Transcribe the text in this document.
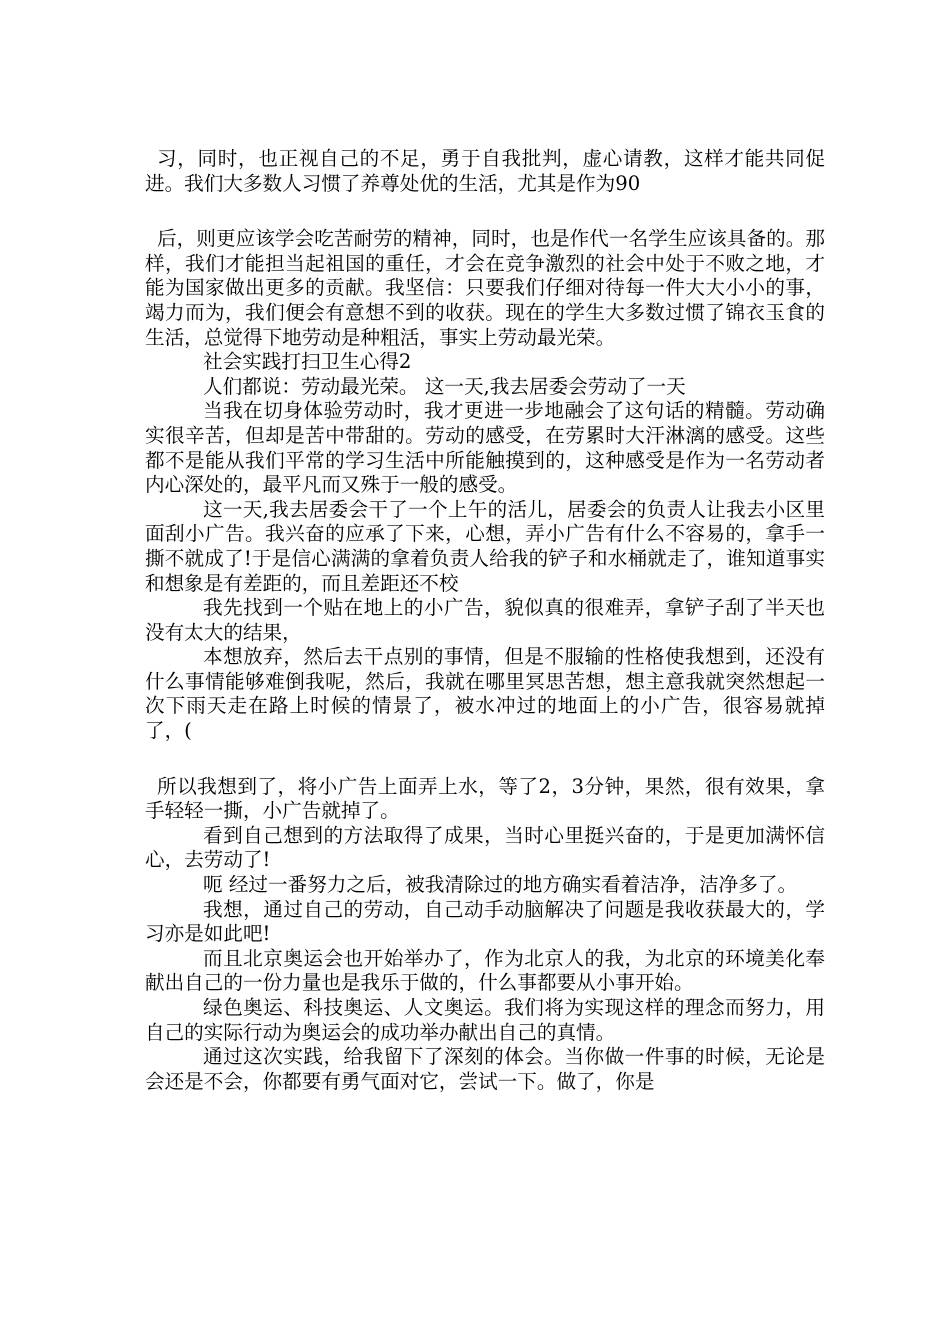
习，同时，也正视自己的不足，勇于自我批判，虚心请教，这样才能共同促进。我们大多数人习惯了养尊处优的生活，尤其是作为90

后，则更应该学会吃苦耐劳的精神，同时，也是作代一名学生应该具备的。那样，我们才能担当起祖国的重任，才会在竞争激烈的社会中处于不败之地，才能为国家做出更多的贡献。我坚信：只要我们仔细对待每一件大大小小的事，竭力而为，我们便会有意想不到的收获。现在的学生大多数过惯了锦衣玉食的生活，总觉得下地劳动是种粗活，事实上劳动最光荣。

社会实践打扫卫生心得2

人们都说：劳动最光荣。 这一天,我去居委会劳动了一天

当我在切身体验劳动时，我才更进一步地融会了这句话的精髓。劳动确实很辛苦，但却是苦中带甜的。劳动的感受，在劳累时大汗淋漓的感受。这些都不是能从我们平常的学习生活中所能触摸到的，这种感受是作为一名劳动者内心深处的，最平凡而又殊于一般的感受。

这一天,我去居委会干了一个上午的活儿，居委会的负责人让我去小区里面刮小广告。我兴奋的应承了下来，心想，弄小广告有什么不容易的，拿手一撕不就成了!于是信心满满的拿着负责人给我的铲子和水桶就走了，谁知道事实和想象是有差距的，而且差距还不校

我先找到一个贴在地上的小广告，貌似真的很难弄，拿铲子刮了半天也没有太大的结果，

本想放弃，然后去干点别的事情，但是不服输的性格使我想到，还没有什么事情能够难倒我呢，然后，我就在哪里冥思苦想，想主意我就突然想起一次下雨天走在路上时候的情景了，被水冲过的地面上的小广告，很容易就掉了，(

所以我想到了，将小广告上面弄上水，等了2，3分钟，果然，很有效果，拿手轻轻一撕，小广告就掉了。

看到自己想到的方法取得了成果，当时心里挺兴奋的，于是更加满怀信心，去劳动了!

呃 经过一番努力之后，被我清除过的地方确实看着洁净，洁净多了。

我想，通过自己的劳动，自己动手动脑解决了问题是我收获最大的，学习亦是如此吧!

而且北京奥运会也开始举办了，作为北京人的我，为北京的环境美化奉献出自己的一份力量也是我乐于做的，什么事都要从小事开始。

绿色奥运、科技奥运、人文奥运。我们将为实现这样的理念而努力，用自己的实际行动为奥运会的成功举办献出自己的真情。

通过这次实践，给我留下了深刻的体会。当你做一件事的时候，无论是会还是不会，你都要有勇气面对它，尝试一下。做了，你是
